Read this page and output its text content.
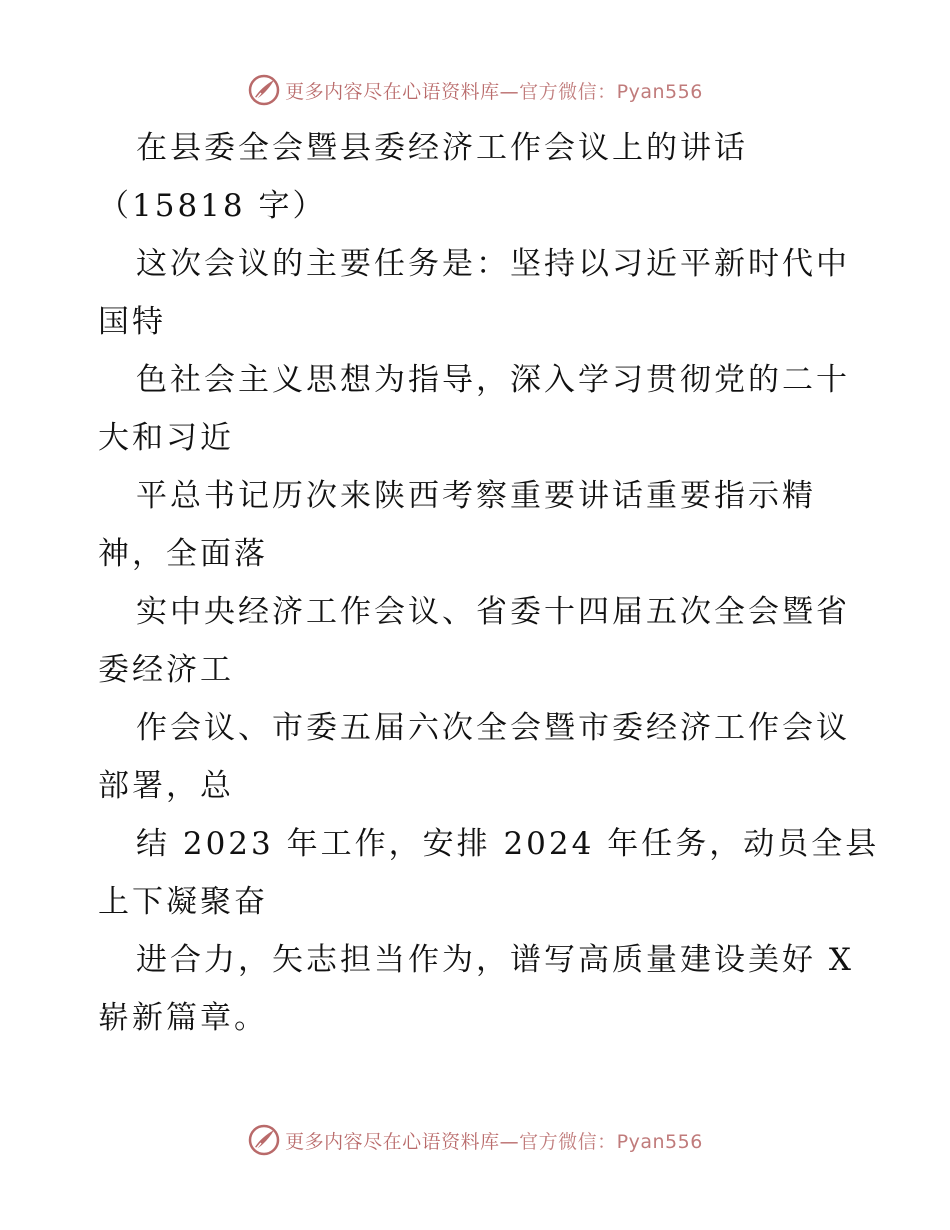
更多内容尽在心语资料库—官方微信：Pyan556
在县委全会暨县委经济工作会议上的讲话
（15818 字）
这次会议的主要任务是：坚持以习近平新时代中
国特
色社会主义思想为指导，深入学习贯彻党的二十
大和习近
平总书记历次来陕西考察重要讲话重要指示精
神，全面落
实中央经济工作会议、省委十四届五次全会暨省
委经济工
作会议、市委五届六次全会暨市委经济工作会议
部署，总
结 2023 年工作，安排 2024 年任务，动员全县
上下凝聚奋
进合力，矢志担当作为，谱写高质量建设美好 X
崭新篇章。
更多内容尽在心语资料库—官方微信：Pyan556
